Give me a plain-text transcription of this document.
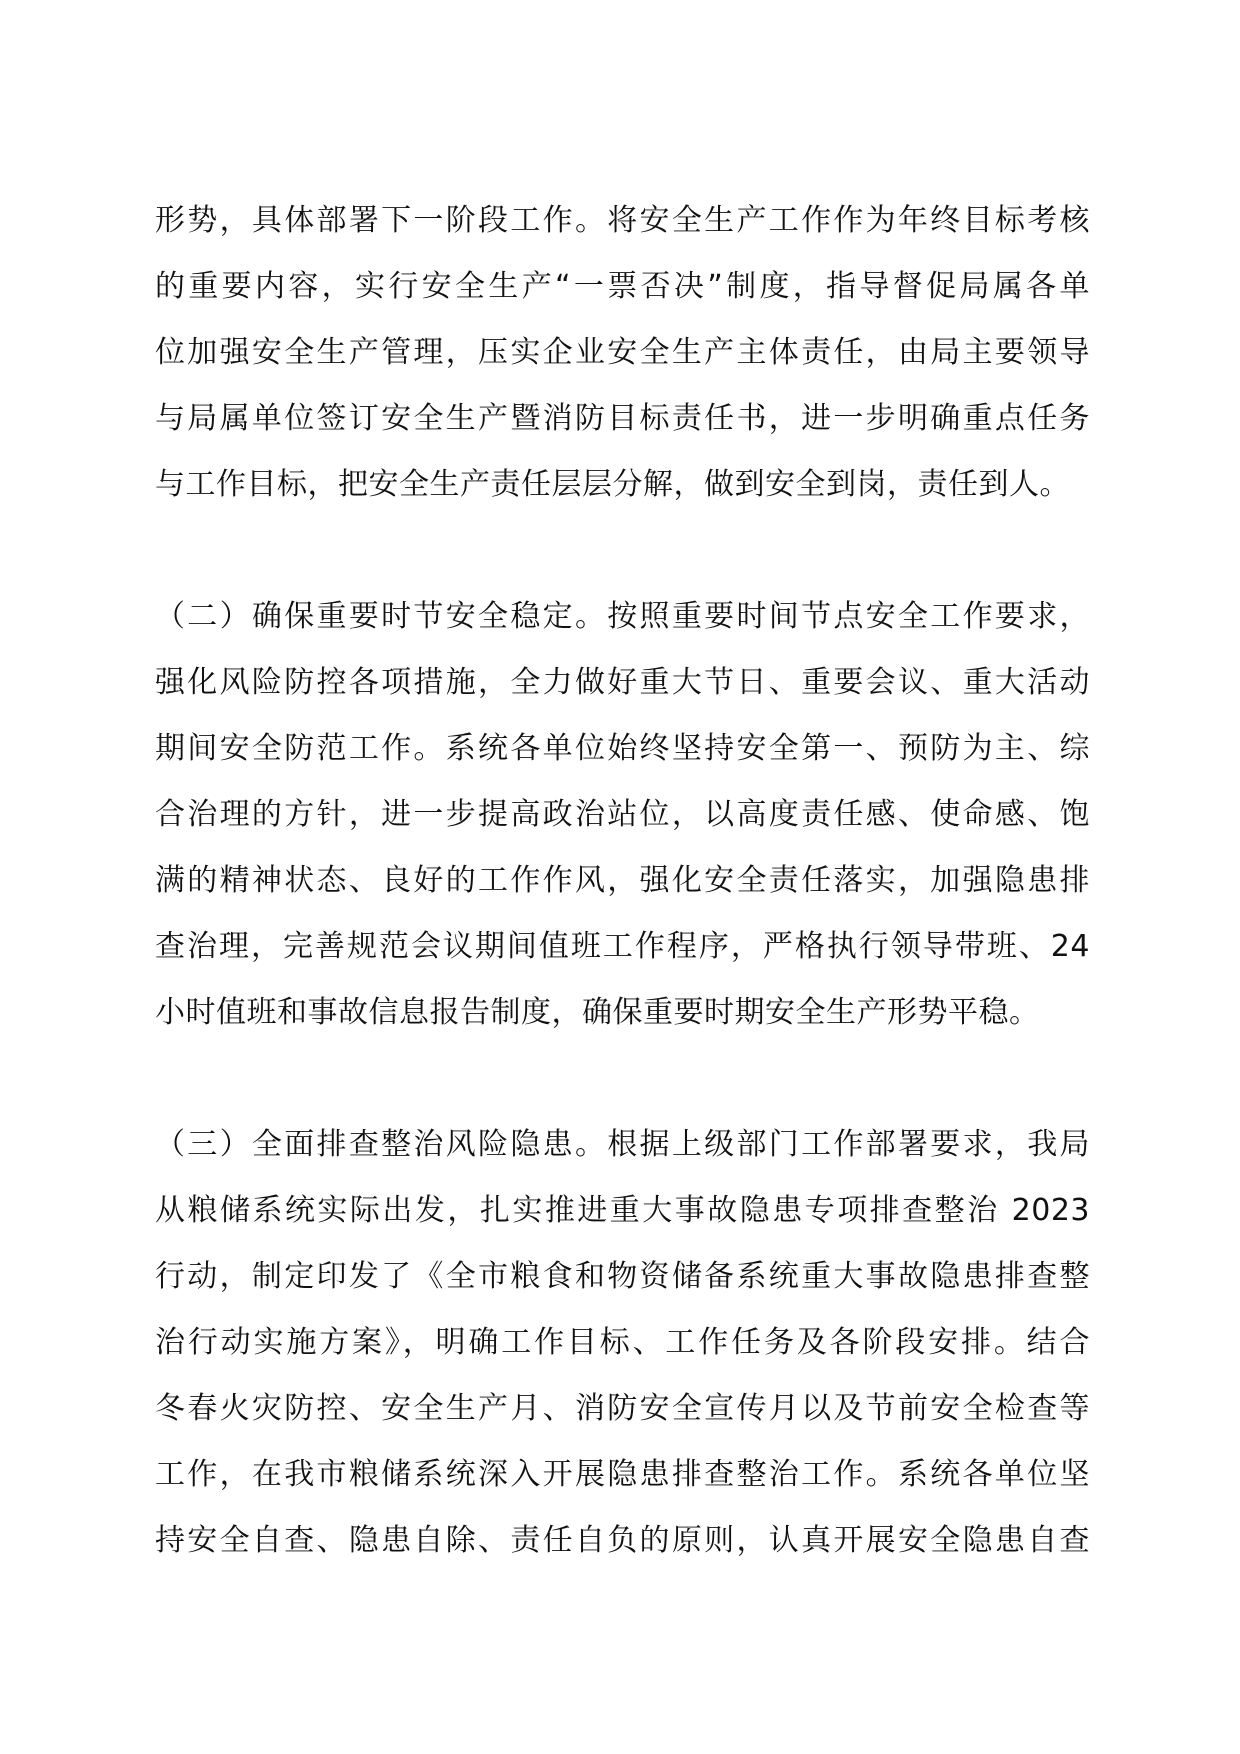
形势，具体部署下一阶段工作。将安全生产工作作为年终目标考核
的重要内容，实行安全生产“一票否决”制度，指导督促局属各单
位加强安全生产管理，压实企业安全生产主体责任，由局主要领导
与局属单位签订安全生产暨消防目标责任书，进一步明确重点任务
与工作目标，把安全生产责任层层分解，做到安全到岗，责任到人。
（二）确保重要时节安全稳定。按照重要时间节点安全工作要求，
强化风险防控各项措施，全力做好重大节日、重要会议、重大活动
期间安全防范工作。系统各单位始终坚持安全第一、预防为主、综
合治理的方针，进一步提高政治站位，以高度责任感、使命感、饱
满的精神状态、良好的工作作风，强化安全责任落实，加强隐患排
查治理，完善规范会议期间值班工作程序，严格执行领导带班、24
小时值班和事故信息报告制度，确保重要时期安全生产形势平稳。
（三）全面排查整治风险隐患。根据上级部门工作部署要求，我局
从粮储系统实际出发，扎实推进重大事故隐患专项排查整治 2023
行动，制定印发了《全市粮食和物资储备系统重大事故隐患排查整
治行动实施方案》，明确工作目标、工作任务及各阶段安排。结合
冬春火灾防控、安全生产月、消防安全宣传月以及节前安全检查等
工作，在我市粮储系统深入开展隐患排查整治工作。系统各单位坚
持安全自查、隐患自除、责任自负的原则，认真开展安全隐患自查
